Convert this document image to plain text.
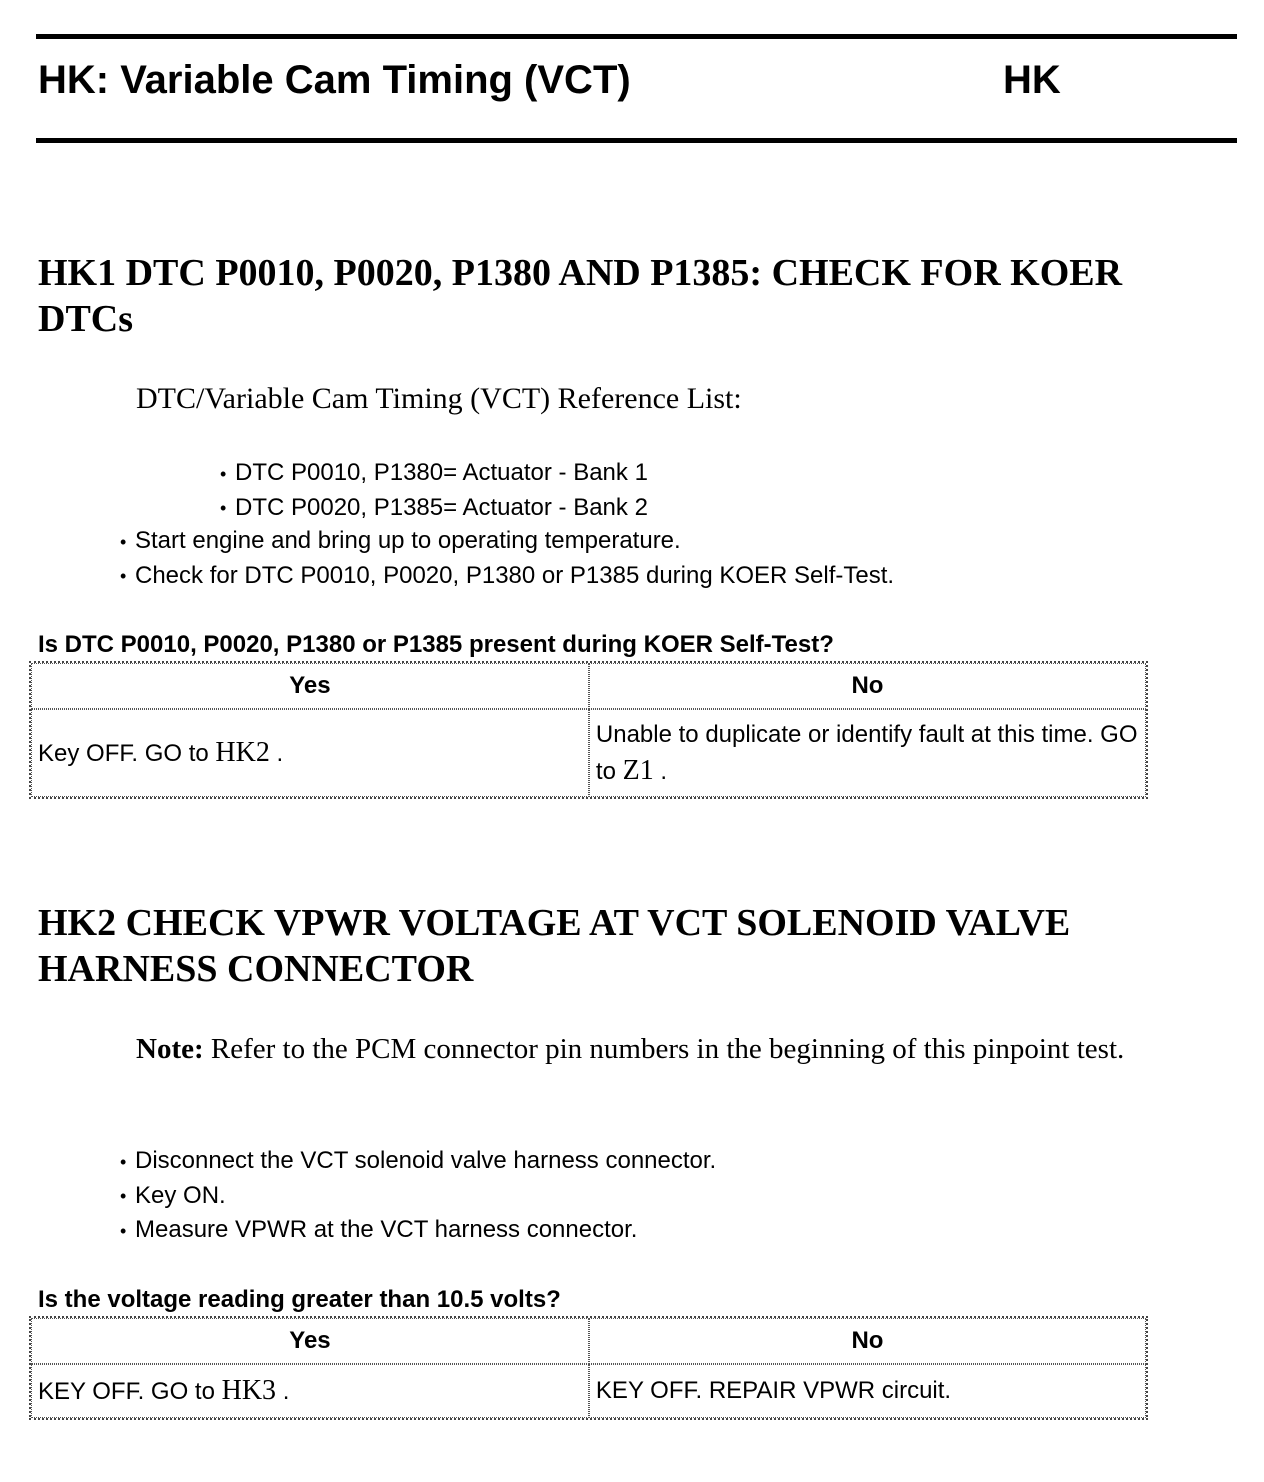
HK: Variable Cam Timing (VCT)	HK
HK1 DTC P0010, P0020, P1380 AND P1385: CHECK FOR KOER DTCs
DTC/Variable Cam Timing (VCT) Reference List:
• DTC P0010, P1380= Actuator - Bank 1
• DTC P0020, P1385= Actuator - Bank 2
• Start engine and bring up to operating temperature.
• Check for DTC P0010, P0020, P1380 or P1385 during KOER Self-Test.
Is DTC P0010, P0020, P1380 or P1385 present during KOER Self-Test?
Yes	No
Key OFF. GO to HK2 .	Unable to duplicate or identify fault at this time. GO to Z1 .
HK2 CHECK VPWR VOLTAGE AT VCT SOLENOID VALVE HARNESS CONNECTOR
Note: Refer to the PCM connector pin numbers in the beginning of this pinpoint test.
• Disconnect the VCT solenoid valve harness connector.
• Key ON.
• Measure VPWR at the VCT harness connector.
Is the voltage reading greater than 10.5 volts?
Yes	No
KEY OFF. GO to HK3 .	KEY OFF. REPAIR VPWR circuit.
